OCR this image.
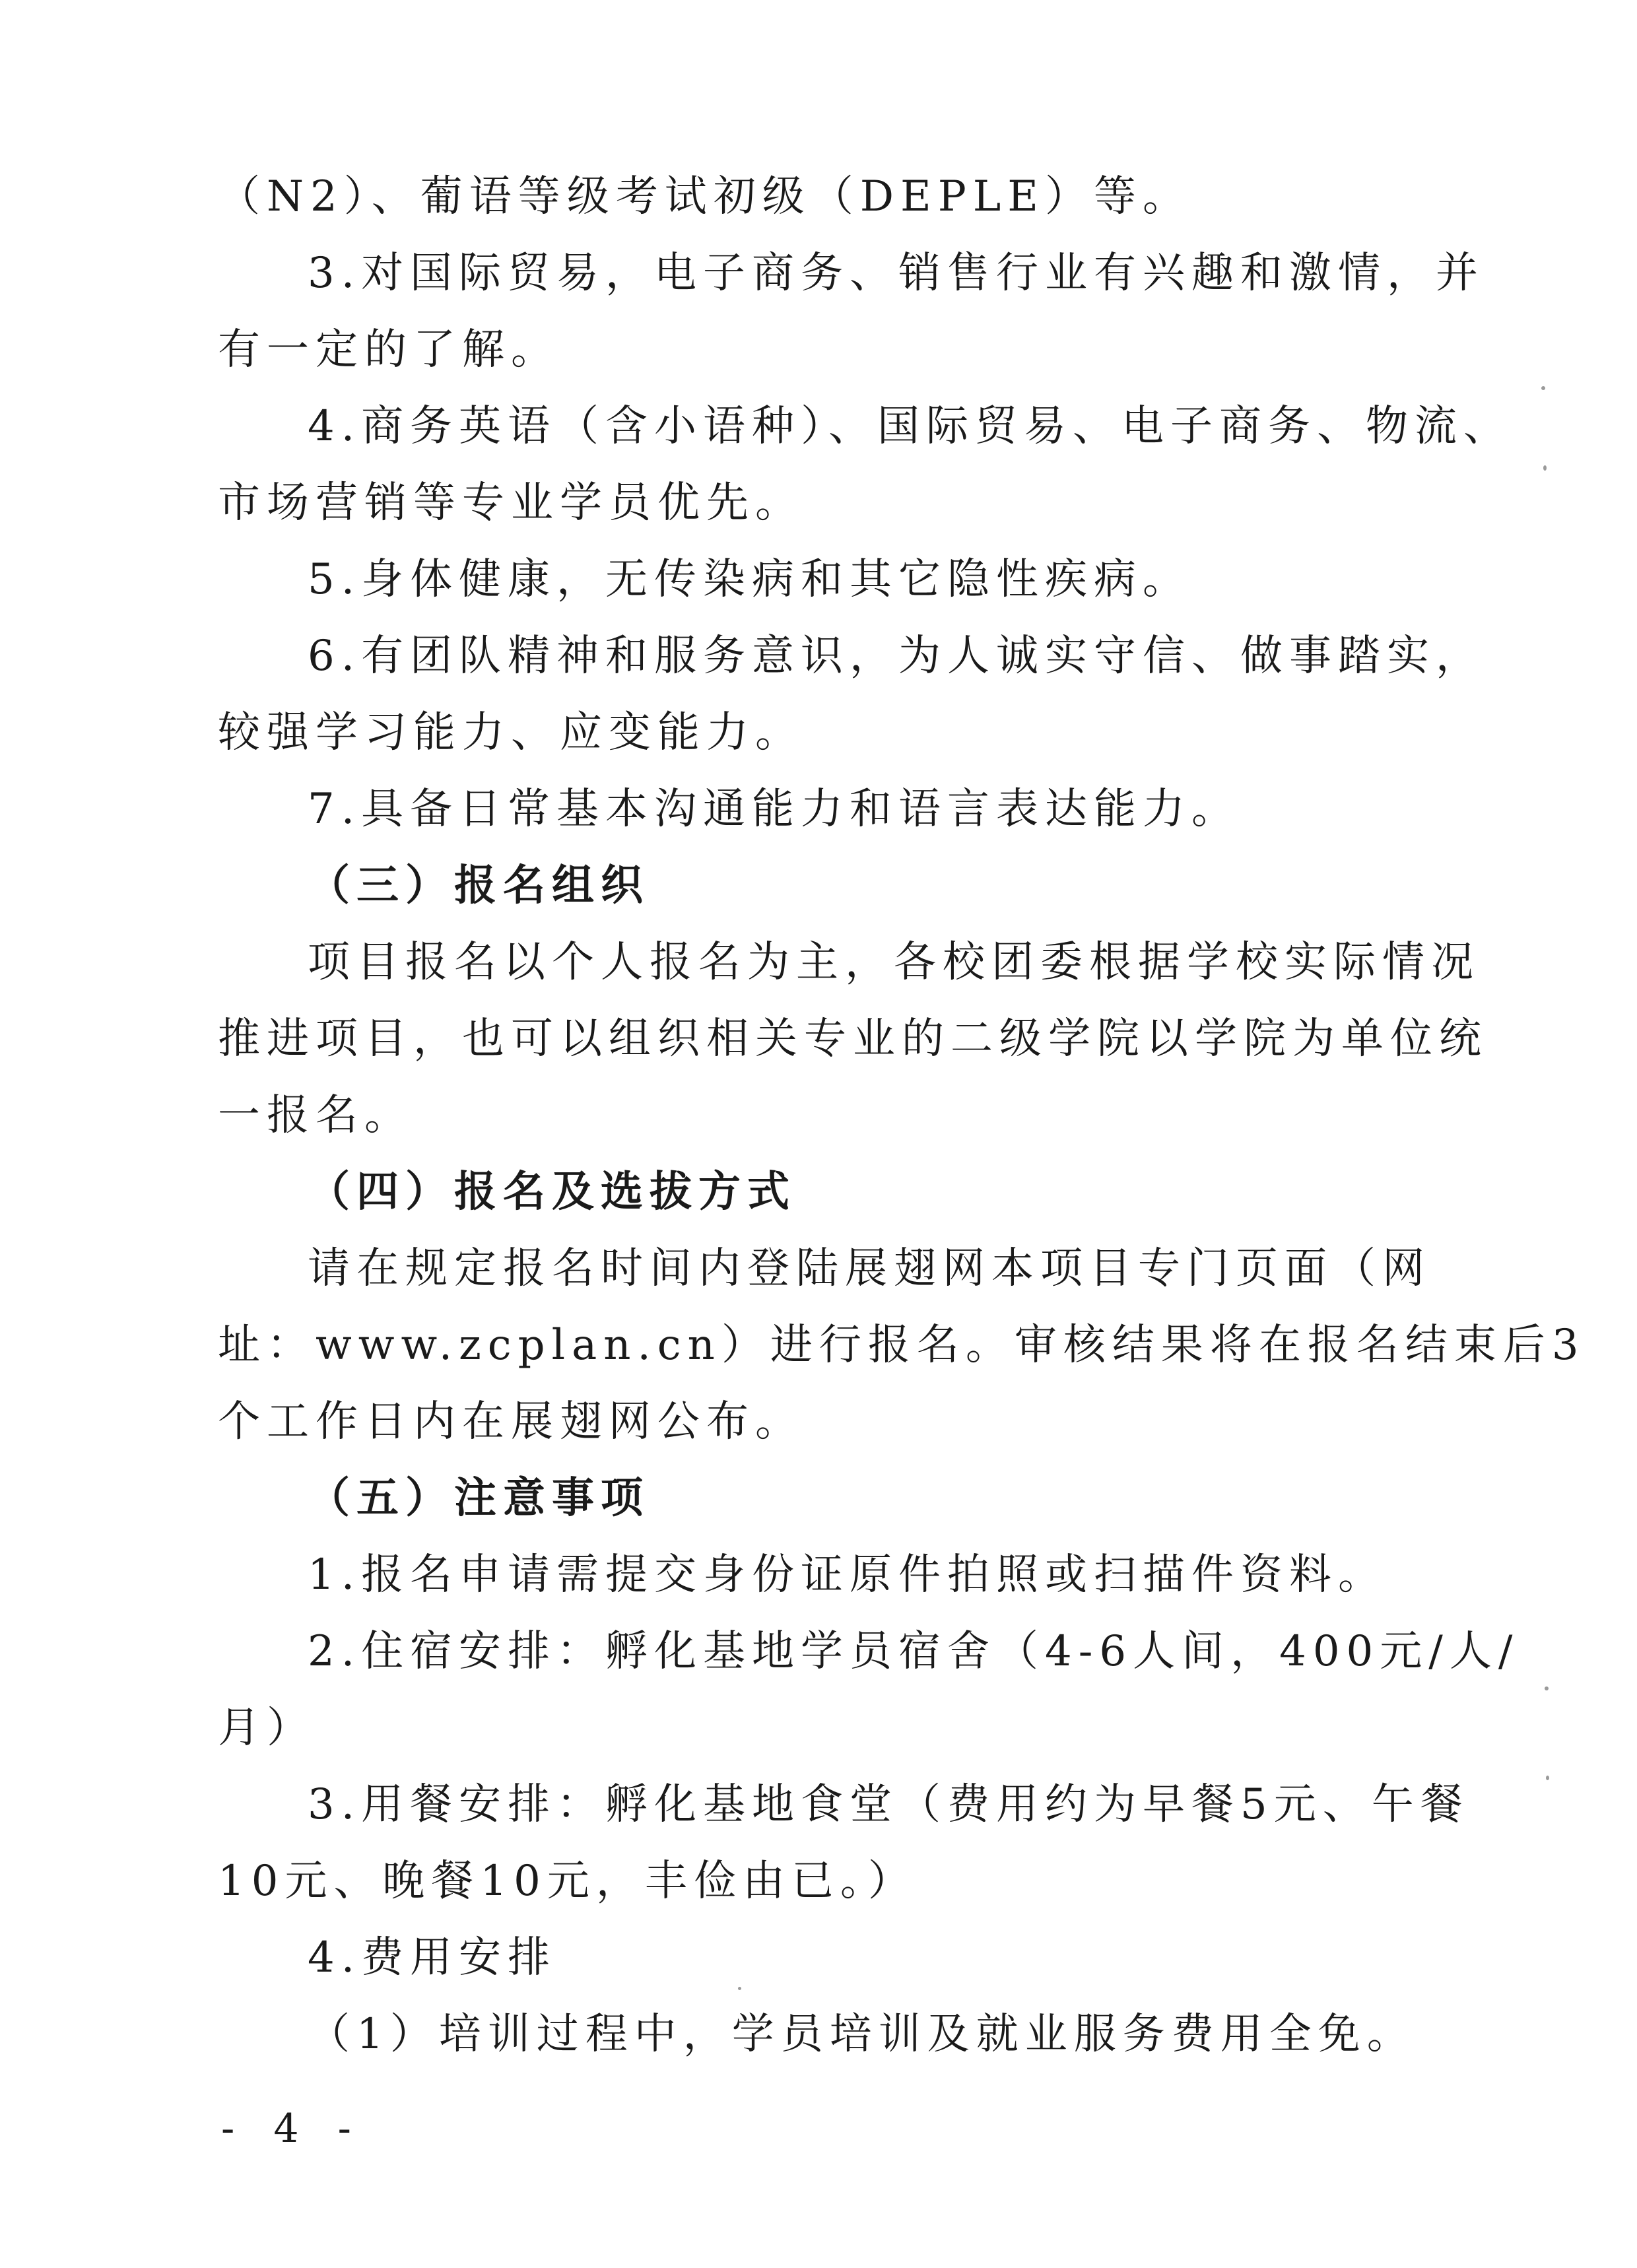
（N2）、葡语等级考试初级（DEPLE）等。
3.对国际贸易，电子商务、销售行业有兴趣和激情，并
有一定的了解。
4.商务英语（含小语种）、国际贸易、电子商务、物流、
市场营销等专业学员优先。
5.身体健康，无传染病和其它隐性疾病。
6.有团队精神和服务意识，为人诚实守信、做事踏实，
较强学习能力、应变能力。
7.具备日常基本沟通能力和语言表达能力。
（三）报名组织
项目报名以个人报名为主，各校团委根据学校实际情况
推进项目，也可以组织相关专业的二级学院以学院为单位统
一报名。
（四）报名及选拔方式
请在规定报名时间内登陆展翅网本项目专门页面（网
址：www.zcplan.cn）进行报名。审核结果将在报名结束后3
个工作日内在展翅网公布。
（五）注意事项
1.报名申请需提交身份证原件拍照或扫描件资料。
2.住宿安排：孵化基地学员宿舍（4-6人间，400元/人/
月）
3.用餐安排：孵化基地食堂（费用约为早餐5元、午餐
10元、晚餐10元，丰俭由已。）
4.费用安排
（1）培训过程中，学员培训及就业服务费用全免。
- 4 -
